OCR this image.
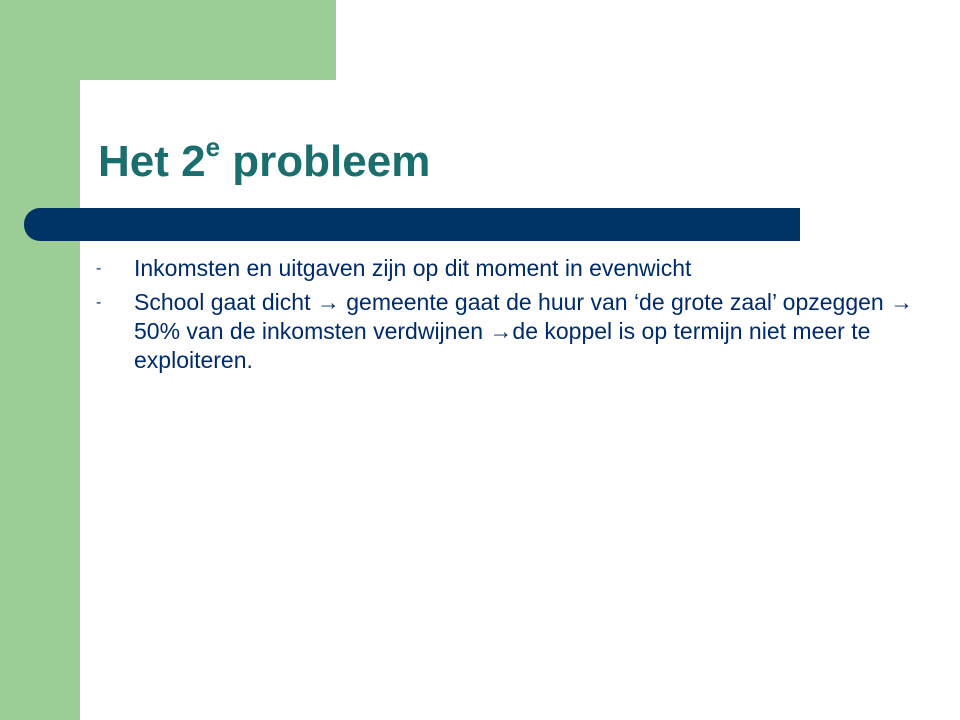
Het 2e probleem
- Inkomsten en uitgaven zijn op dit moment in evenwicht
- School gaat dicht → gemeente gaat de huur van ‘de grote zaal’ opzeggen → 50% van de inkomsten verdwijnen →de koppel is op termijn niet meer te exploiteren.
